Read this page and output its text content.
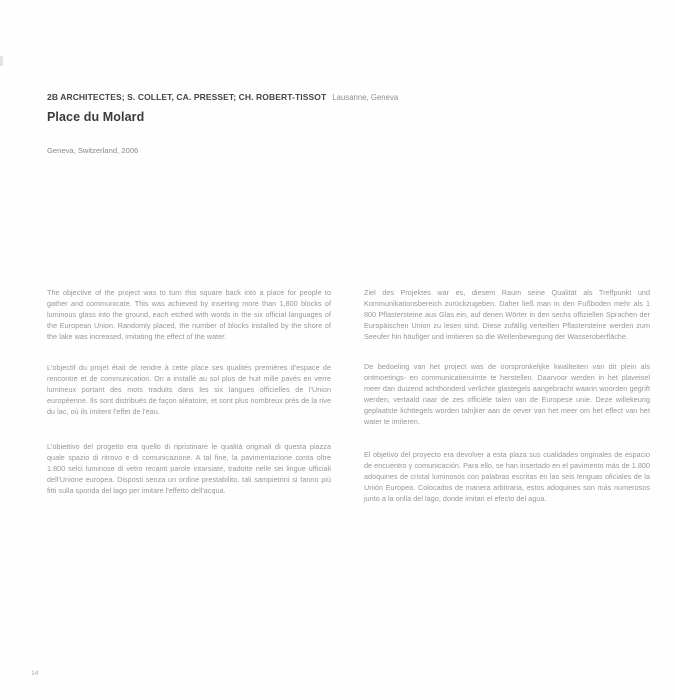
2B ARCHITECTES; S. COLLET, CA. PRESSET; CH. ROBERT-TISSOT Lausanne, Geneva
Place du Molard
Geneva, Switzerland, 2006

The objective of the project was to turn this square back into a place for people to gather and communicate. This was achieved by inserting more than 1,800 blocks of luminous glass into the ground, each etched with words in the six official languages of the European Union. Randomly placed, the number of blocks installed by the shore of the lake was increased, imitating the effect of the water.

L'objectif du projet était de rendre à cette place ses qualités premières d'espace de rencontre et de communication. On a installé au sol plus de huit mille pavés en verre lumineux portant des mots traduits dans les six langues officielles de l'Union européenne. Ils sont distribués de façon aléatoire, et sont plus nombreux près de la rive du lac, où ils imitent l'effet de l'eau.

L'obiettivo del progetto era quello di ripristinare le qualità originali di questa piazza quale spazio di ritrovo e di comunicazione. A tal fine, la pavimentazione conta oltre 1.800 selci luminose di vetro recanti parole intarsiate, tradotte nelle sei lingue ufficiali dell'Unione europea. Disposti senza un ordine prestabilito, tali sampietrini si fanno più fitti sulla sponda del lago per imitare l'effetto dell'acqua.

Ziel des Projektes war es, diesem Raum seine Qualität als Treffpunkt und Kommunikationsbereich zurückzugeben. Daher ließ man in den Fußboden mehr als 1 800 Pflastersteine aus Glas ein, auf denen Wörter in den sechs offiziellen Sprachen der Europäischen Union zu lesen sind. Diese zufällig verteilten Pflastersteine werden zum Seeufer hin häufiger und imitieren so die Wellenbewegung der Wasseroberfläche.

De bedoeling van het project was de oorspronkelijke kwaliteiten van dit plein als ontmoetings- en communicatieruimte te herstellen. Daarvoor werden in het plaveisel meer dan duizend achthonderd verlichte glastegels aangebracht waarin woorden gegrift werden, vertaald naar de zes officiële talen van de Europese unie. Deze willekeurig geplaatste lichttegels worden talrijker aan de oever van het meer om het effect van het water te imiteren.

El objetivo del proyecto era devolver a esta plaza sus cualidades originales de espacio de encuentro y comunicación. Para ello, se han insertado en el pavimento más de 1.800 adoquines de cristal luminosos con palabras escritas en las seis lenguas oficiales de la Unión Europea. Colocados de manera arbitraria, estos adoquines son más numerosos junto a la orilla del lago, donde imitan el efecto del agua.

14
